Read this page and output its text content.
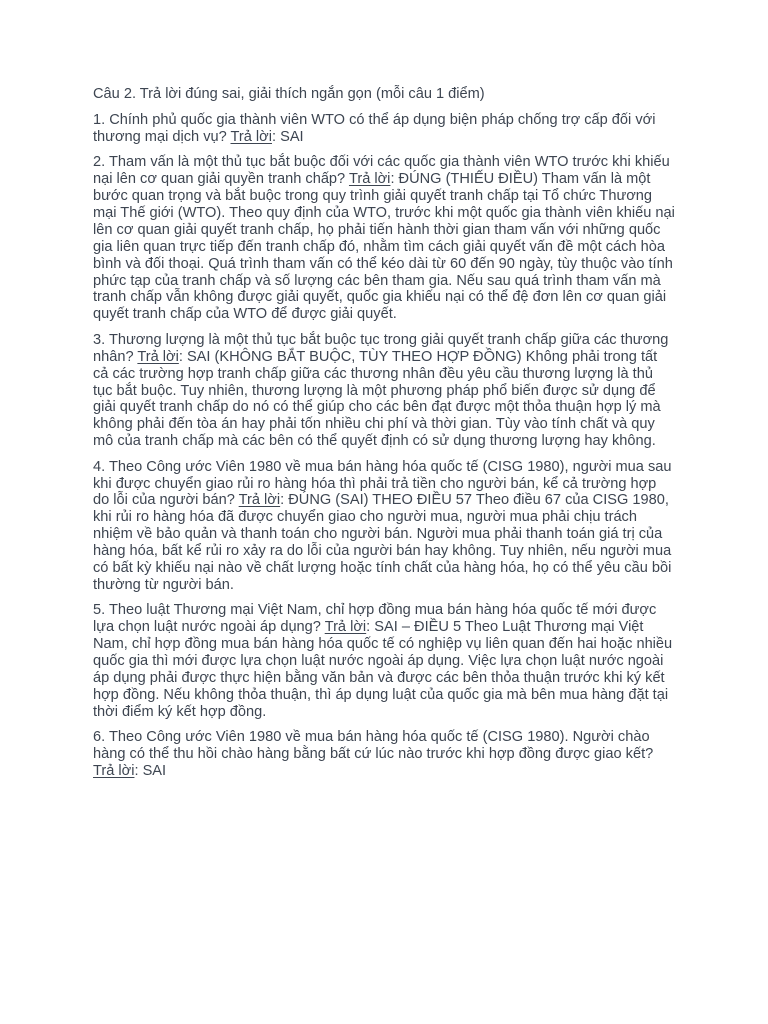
Câu 2. Trả lời đúng sai, giải thích ngắn gọn (mỗi câu 1 điểm)

1. Chính phủ quốc gia thành viên WTO có thể áp dụng biện pháp chống trợ cấp đối với thương mại dịch vụ? Trả lời: SAI

2. Tham vấn là một thủ tục bắt buộc đối với các quốc gia thành viên WTO trước khi khiếu nại lên cơ quan giải quyền tranh chấp? Trả lời: ĐÚNG (THIẾU ĐIỀU) Tham vấn là một bước quan trọng và bắt buộc trong quy trình giải quyết tranh chấp tại Tổ chức Thương mại Thế giới (WTO). Theo quy định của WTO, trước khi một quốc gia thành viên khiếu nại lên cơ quan giải quyết tranh chấp, họ phải tiến hành thời gian tham vấn với những quốc gia liên quan trực tiếp đến tranh chấp đó, nhằm tìm cách giải quyết vấn đề một cách hòa bình và đối thoại. Quá trình tham vấn có thể kéo dài từ 60 đến 90 ngày, tùy thuộc vào tính phức tạp của tranh chấp và số lượng các bên tham gia. Nếu sau quá trình tham vấn mà tranh chấp vẫn không được giải quyết, quốc gia khiếu nại có thể đệ đơn lên cơ quan giải quyết tranh chấp của WTO để được giải quyết.

3. Thương lượng là một thủ tục bắt buộc tục trong giải quyết tranh chấp giữa các thương nhân? Trả lời: SAI (KHÔNG BẮT BUỘC, TÙY THEO HỢP ĐỒNG) Không phải trong tất cả các trường hợp tranh chấp giữa các thương nhân đều yêu cầu thương lượng là thủ tục bắt buộc. Tuy nhiên, thương lượng là một phương pháp phổ biến được sử dụng để giải quyết tranh chấp do nó có thể giúp cho các bên đạt được một thỏa thuận hợp lý mà không phải đến tòa án hay phải tốn nhiều chi phí và thời gian. Tùy vào tính chất và quy mô của tranh chấp mà các bên có thể quyết định có sử dụng thương lượng hay không.

4. Theo Công ước Viên 1980 về mua bán hàng hóa quốc tế (CISG 1980), người mua sau khi được chuyển giao rủi ro hàng hóa thì phải trả tiền cho người bán, kể cả trường hợp do lỗi của người bán? Trả lời: ĐÚNG (SAI) THEO ĐIỀU 57 Theo điều 67 của CISG 1980, khi rủi ro hàng hóa đã được chuyển giao cho người mua, người mua phải chịu trách nhiệm về bảo quản và thanh toán cho người bán. Người mua phải thanh toán giá trị của hàng hóa, bất kể rủi ro xảy ra do lỗi của người bán hay không. Tuy nhiên, nếu người mua có bất kỳ khiếu nại nào về chất lượng hoặc tính chất của hàng hóa, họ có thể yêu cầu bồi thường từ người bán.

5. Theo luật Thương mại Việt Nam, chỉ hợp đồng mua bán hàng hóa quốc tế mới được lựa chọn luật nước ngoài áp dụng? Trả lời: SAI – ĐIỀU 5 Theo Luật Thương mại Việt Nam, chỉ hợp đồng mua bán hàng hóa quốc tế có nghiệp vụ liên quan đến hai hoặc nhiều quốc gia thì mới được lựa chọn luật nước ngoài áp dụng. Việc lựa chọn luật nước ngoài áp dụng phải được thực hiện bằng văn bản và được các bên thỏa thuận trước khi ký kết hợp đồng. Nếu không thỏa thuận, thì áp dụng luật của quốc gia mà bên mua hàng đặt tại thời điểm ký kết hợp đồng.

6. Theo Công ước Viên 1980 về mua bán hàng hóa quốc tế (CISG 1980). Người chào hàng có thể thu hồi chào hàng bằng bất cứ lúc nào trước khi hợp đồng được giao kết? Trả lời: SAI
